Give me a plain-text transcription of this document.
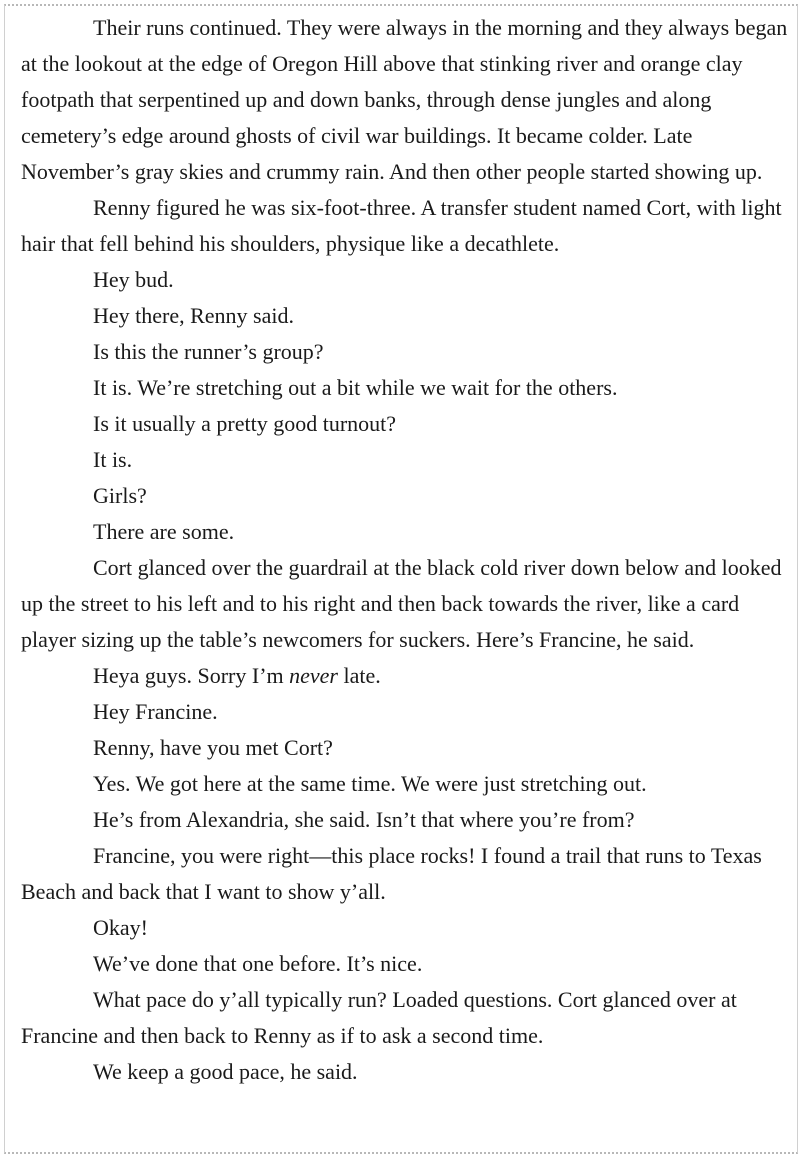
Their runs continued. They were always in the morning and they always began at the lookout at the edge of Oregon Hill above that stinking river and orange clay footpath that serpentined up and down banks, through dense jungles and along cemetery’s edge around ghosts of civil war buildings. It became colder. Late November’s gray skies and crummy rain. And then other people started showing up.

Renny figured he was six-foot-three. A transfer student named Cort, with light hair that fell behind his shoulders, physique like a decathlete.

Hey bud.

Hey there, Renny said.

Is this the runner’s group?

It is. We’re stretching out a bit while we wait for the others.

Is it usually a pretty good turnout?

It is.

Girls?

There are some.

Cort glanced over the guardrail at the black cold river down below and looked up the street to his left and to his right and then back towards the river, like a card player sizing up the table’s newcomers for suckers. Here’s Francine, he said.

Heya guys. Sorry I’m never late.

Hey Francine.

Renny, have you met Cort?

Yes. We got here at the same time. We were just stretching out.

He’s from Alexandria, she said. Isn’t that where you’re from?

Francine, you were right—this place rocks! I found a trail that runs to Texas Beach and back that I want to show y’all.

Okay!

We’ve done that one before. It’s nice.

What pace do y’all typically run? Loaded questions. Cort glanced over at Francine and then back to Renny as if to ask a second time.

We keep a good pace, he said.
